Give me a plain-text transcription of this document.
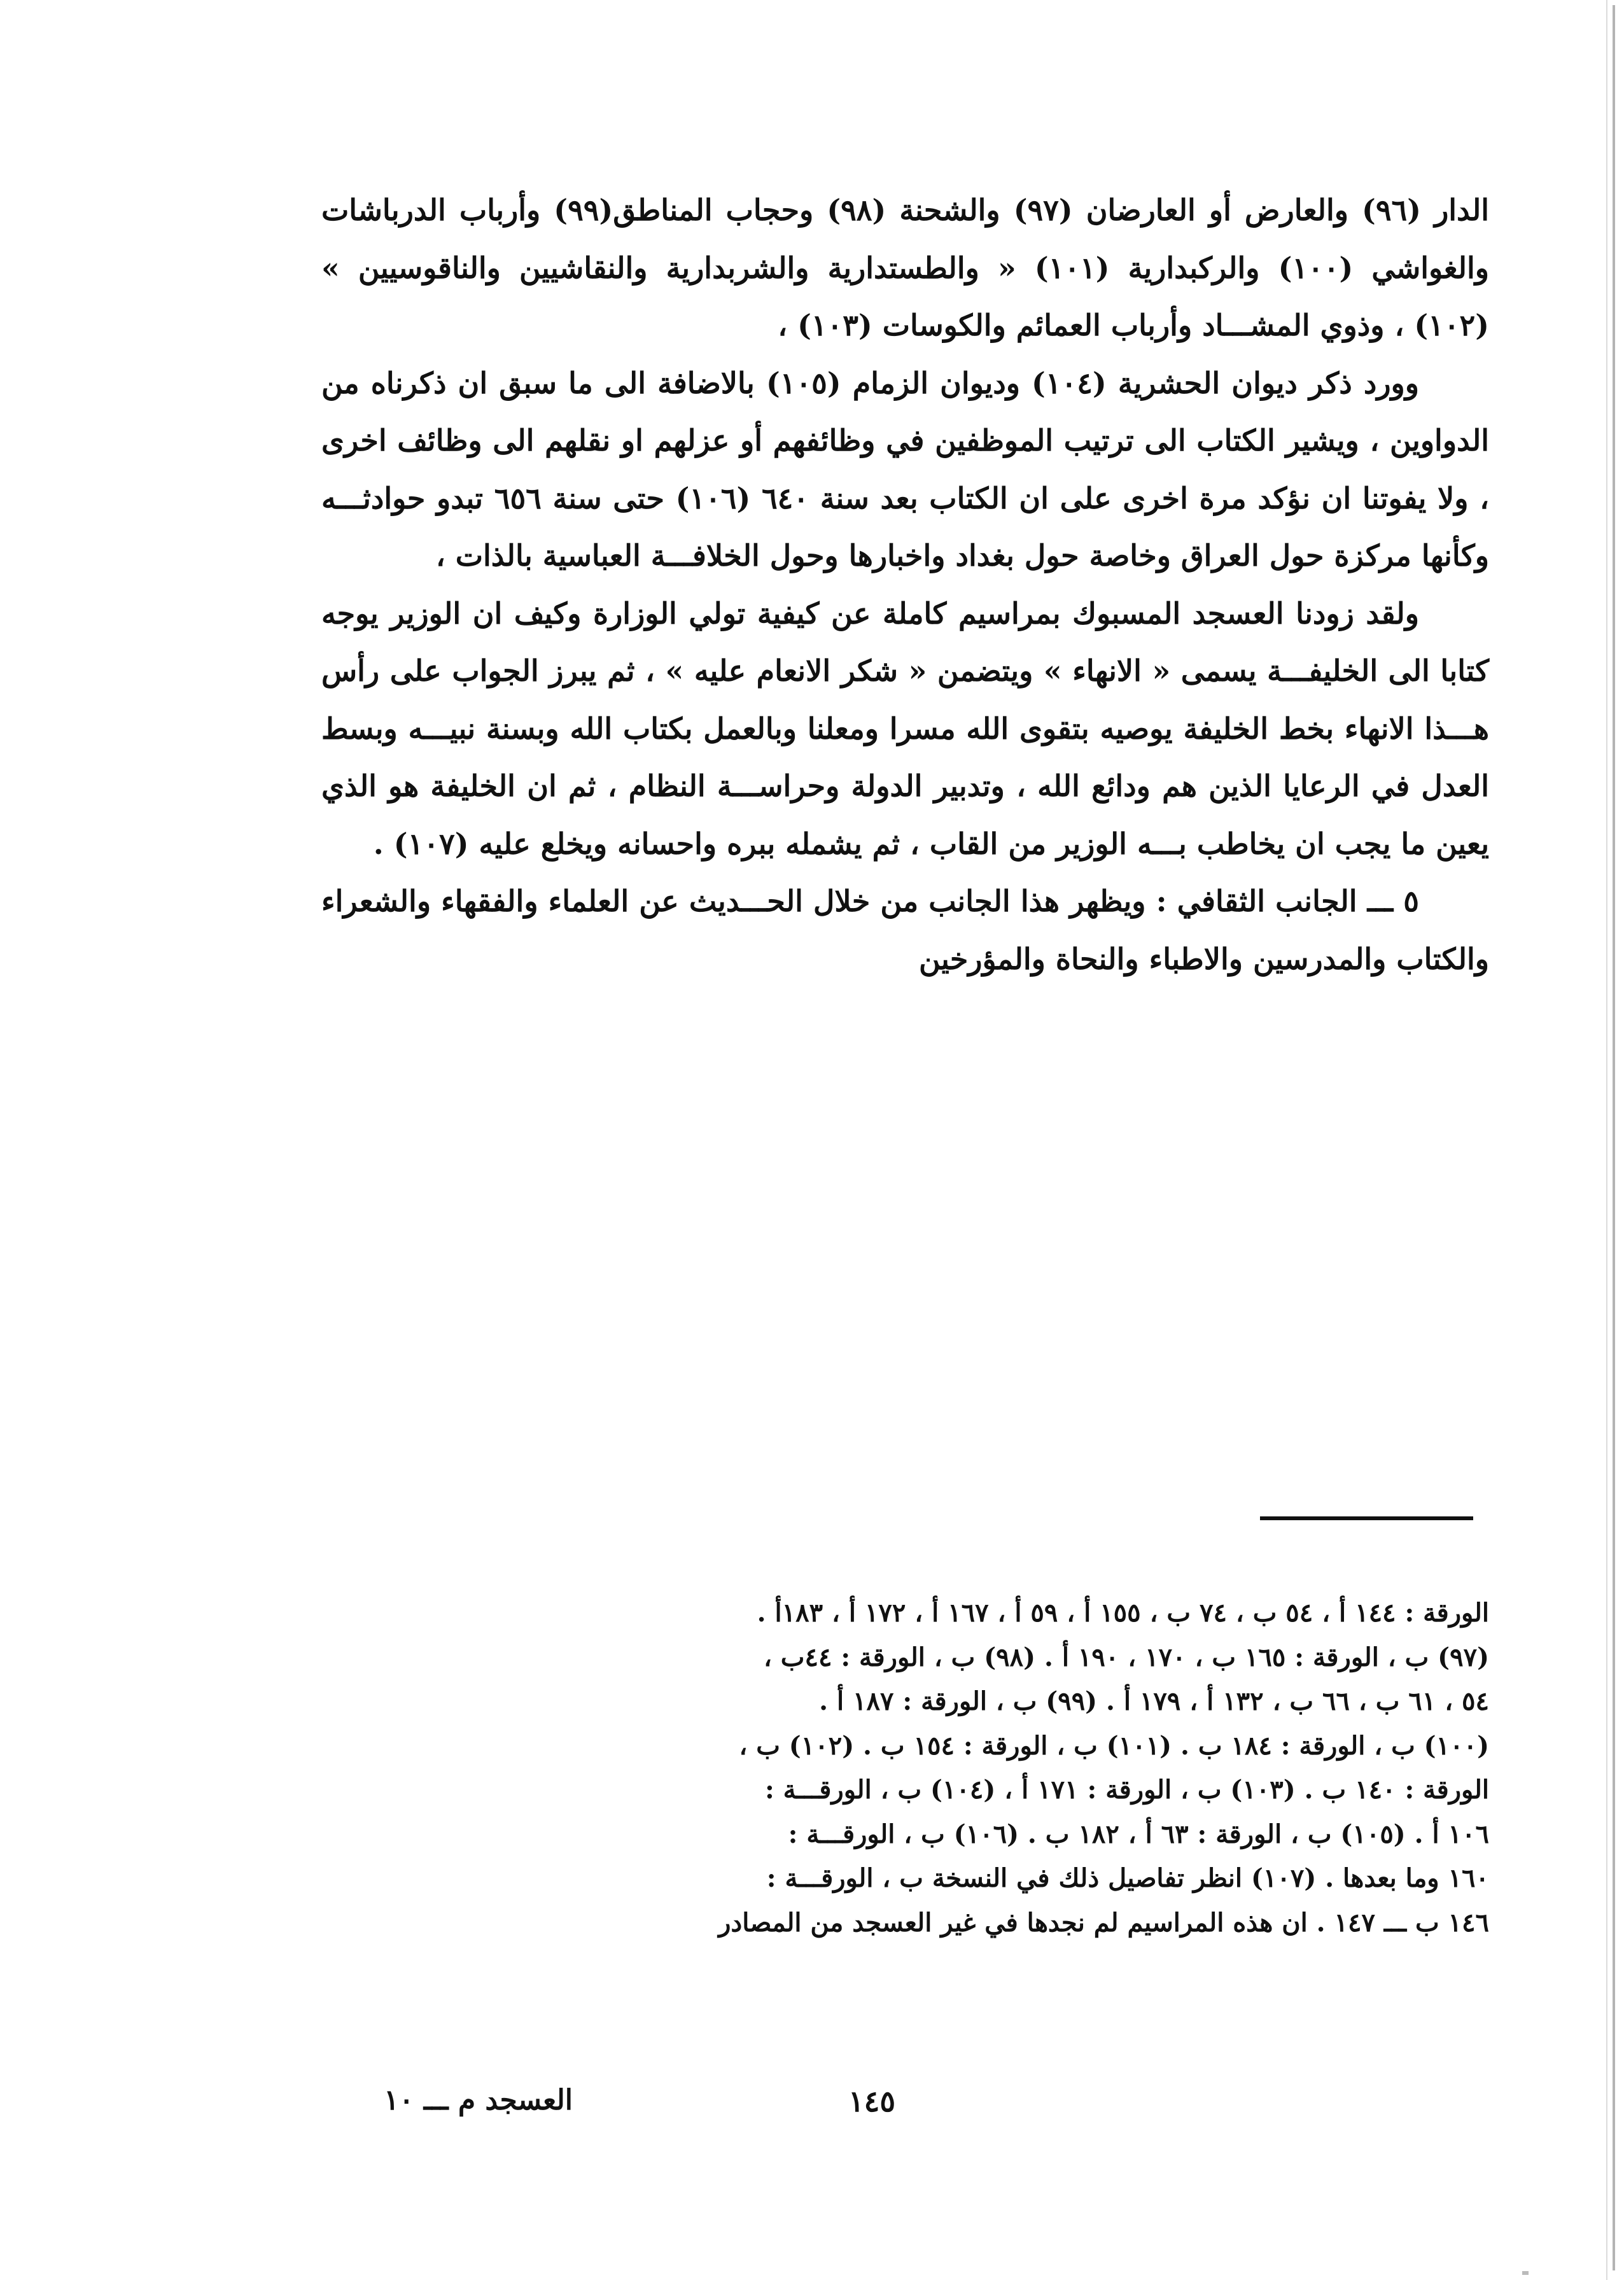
الدار (٩٦) والعارض أو العارضان (٩٧) والشحنة (٩٨) وحجاب المناطق(٩٩) وأرباب الدرباشات والغواشي (١٠٠) والركبدارية (١٠١) « والطستدارية والشربدارية والنقاشيين والناقوسيين » (١٠٢) ، وذوي المشـــاد وأرباب العمائم والكوسات (١٠٣) ،

وورد ذكر ديوان الحشرية (١٠٤) وديوان الزمام (١٠٥) بالاضافة الى ما سبق ان ذكرناه من الدواوين ، ويشير الكتاب الى ترتيب الموظفين في وظائفهم أو عزلهم او نقلهم الى وظائف اخرى ، ولا يفوتنا ان نؤكد مرة اخرى على ان الكتاب بعد سنة ٦٤٠ (١٠٦) حتى سنة ٦٥٦ تبدو حوادثـــه وكأنها مركزة حول العراق وخاصة حول بغداد واخبارها وحول الخلافـــة العباسية بالذات ،

ولقد زودنا العسجد المسبوك بمراسيم كاملة عن كيفية تولي الوزارة وكيف ان الوزير يوجه كتابا الى الخليفـــة يسمى « الانهاء » ويتضمن « شكر الانعام عليه » ، ثم يبرز الجواب على رأس هـــذا الانهاء بخط الخليفة يوصيه بتقوى الله مسرا ومعلنا وبالعمل بكتاب الله وبسنة نبيـــه وبسط العدل في الرعايا الذين هم ودائع الله ، وتدبير الدولة وحراســـة النظام ، ثم ان الخليفة هو الذي يعين ما يجب ان يخاطب بـــه الوزير من القاب ، ثم يشمله ببره واحسانه ويخلع عليه (١٠٧) .

٥ ـــ الجانب الثقافي : ويظهر هذا الجانب من خلال الحـــديث عن العلماء والفقهاء والشعراء والكتاب والمدرسين والاطباء والنحاة والمؤرخين

الورقة : ١٤٤ أ ، ٥٤ ب ، ٧٤ ب ، ١٥٥ أ ، ٥٩ أ ، ١٦٧ أ ، ١٧٢ أ ، ١٨٣أ .

(٩٧) ب ، الورقة : ١٦٥ ب ، ١٧٠ ، ١٩٠ أ . (٩٨) ب ، الورقة : ٤٤ب ،

٥٤ ، ٦١ ب ، ٦٦ ب ، ١٣٢ أ ، ١٧٩ أ . (٩٩) ب ، الورقة : ١٨٧ أ .

(١٠٠) ب ، الورقة : ١٨٤ ب . (١٠١) ب ، الورقة : ١٥٤ ب . (١٠٢) ب ،

الورقة : ١٤٠ ب . (١٠٣) ب ، الورقة : ١٧١ أ ، (١٠٤) ب ، الورقـــة :

١٠٦ أ . (١٠٥) ب ، الورقة : ٦٣ أ ، ١٨٢ ب . (١٠٦) ب ، الورقـــة :

١٦٠ وما بعدها . (١٠٧) انظر تفاصيل ذلك في النسخة ب ، الورقـــة :

١٤٦ ب ـــ ١٤٧ . ان هذه المراسيم لم نجدها في غير العسجد من المصادر

العسجد م ـــ ١٠	١٤٥
